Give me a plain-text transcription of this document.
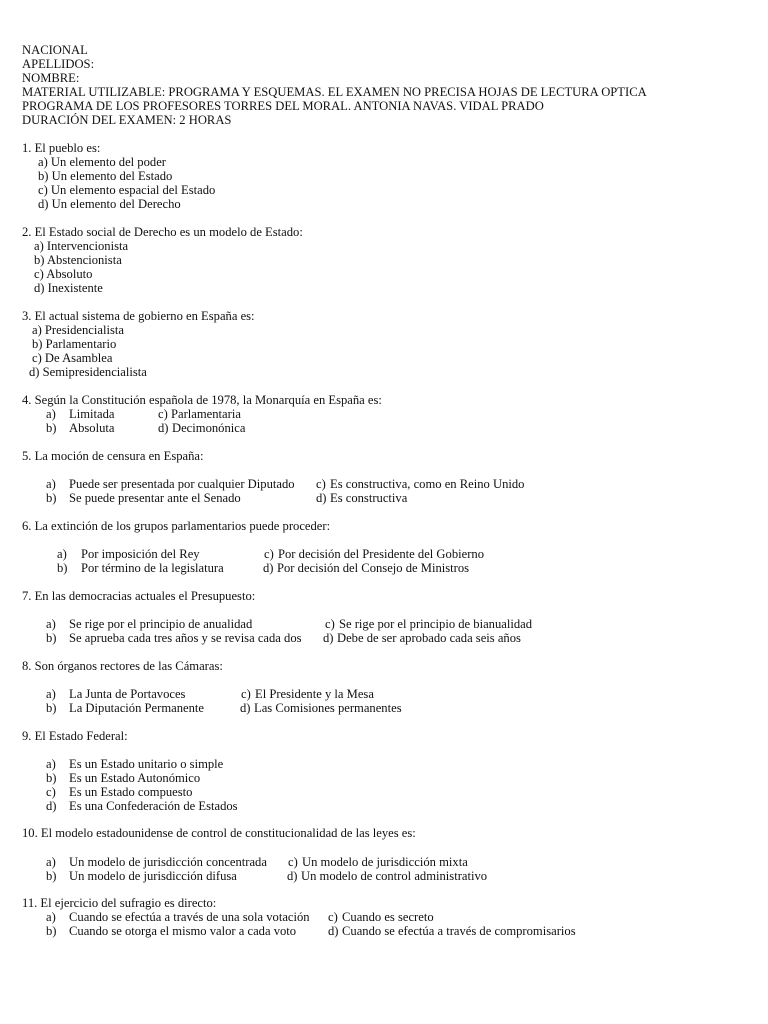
NACIONAL
APELLIDOS:
NOMBRE:
MATERIAL UTILIZABLE: PROGRAMA Y ESQUEMAS. EL EXAMEN NO PRECISA HOJAS DE LECTURA OPTICA
PROGRAMA DE LOS PROFESORES TORRES DEL MORAL. ANTONIA NAVAS. VIDAL PRADO
DURACIÓN DEL EXAMEN: 2 HORAS
1. El pueblo es:
a) Un elemento del poder
b) Un elemento del Estado
c) Un elemento espacial del Estado
d) Un elemento del Derecho
2. El Estado social de Derecho es un modelo de Estado:
a) Intervencionista
b) Abstencionista
c) Absoluto
d) Inexistente
3. El actual sistema de gobierno en España es:
a) Presidencialista
b) Parlamentario
c) De Asamblea
d) Semipresidencialista
4. Según la Constitución española de 1978, la Monarquía en España es:
a) Limitada
b) Absoluta
c) Parlamentaria
d) Decimonónica
5. La moción de censura en España:
a) Puede ser presentada por cualquier Diputado
b) Se puede presentar ante el Senado
c) Es constructiva, como en Reino Unido
d) Es constructiva
6. La extinción de los grupos parlamentarios puede proceder:
a) Por imposición del Rey
b) Por término de la legislatura
c) Por decisión del Presidente del Gobierno
d) Por decisión del Consejo de Ministros
7. En las democracias actuales el Presupuesto:
a) Se rige por el principio de anualidad
b) Se aprueba cada tres años y se revisa cada dos
c) Se rige por el principio de bianualidad
d) Debe de ser aprobado cada seis años
8. Son órganos rectores de las Cámaras:
a) La Junta de Portavoces
b) La Diputación Permanente
c) El Presidente y la Mesa
d) Las Comisiones permanentes
9. El Estado Federal:
a) Es un Estado unitario o simple
b) Es un Estado Autonómico
c) Es un Estado compuesto
d) Es una Confederación de Estados
10. El modelo estadounidense de control de constitucionalidad de las leyes es:
a) Un modelo de jurisdicción concentrada
b) Un modelo de jurisdicción difusa
c) Un modelo de jurisdicción mixta
d) Un modelo de control administrativo
11. El ejercicio del sufragio es directo:
a) Cuando se efectúa a través de una sola votación
b) Cuando se otorga el mismo valor a cada voto
c) Cuando es secreto
d) Cuando se efectúa a través de compromisarios
